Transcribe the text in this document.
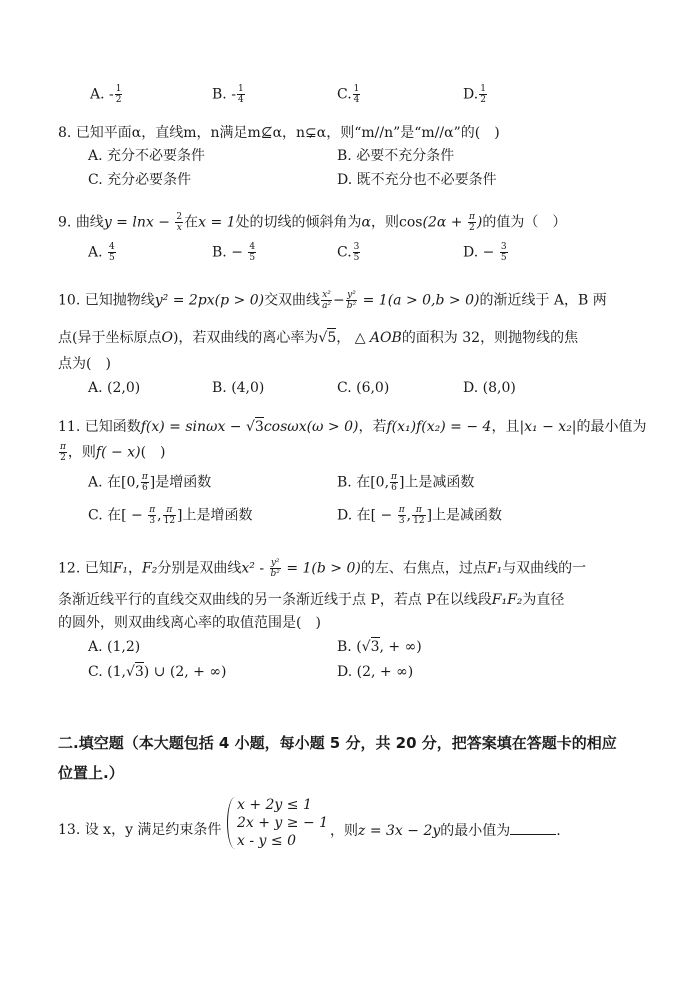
A. - $\frac{1}{2}$	B. - $\frac{1}{4}$	C. $\frac{1}{4}$	D. $\frac{1}{2}$
8. 已知平面α，直线m，n满足m⊈α，n⊊α，则“m//n”是“m//α”的(　)
A. 充分不必要条件	B. 必要不充分条件
C. 充分必要条件	D. 既不充分也不必要条件
9. 曲线$y = \ln x - \frac{2}{x}$ 在x = 1处的切线的倾斜角为α，则$\cos(2\alpha + \frac{\pi}{2}$ )的值为（　）
A. $\frac{4}{5}$	B. − $\frac{4}{5}$	C. $\frac{3}{5}$	D. − $\frac{3}{5}$
10. 已知抛物线y² = 2px(p > 0)交双曲线 $\frac{\text{x²}}{\text{a²}} - \frac{\text{y²}}{\text{b²}} = 1(a > 0,b > 0)$的渐近线于 A，B 两
点(异于坐标原点O)，若双曲线的离心率为√5， △ AOB的面积为 32，则抛物线的焦
点为(　)
A. (2,0)	B. (4,0)	C. (6,0)	D. (8,0)
11. 已知函数f(x) = sinωx − √3cosωx(ω > 0)，若f(x₁)f(x₂) = − 4，且|x₁ − x₂|的最小值为
$\frac{\pi}{2}$ ，则f( − x)(　)
A. 在[0, $\frac{\pi}{6}$ ]是增函数	B. 在[0, $\frac{\pi}{6}$ ]上是减函数
C. 在[ − $\frac{\pi}{3}$ , $\frac{\pi}{12}$ ]上是增函数	D. 在[ − $\frac{\pi}{3}$ , $\frac{\pi}{12}$ ]上是减函数
12. 已知F₁，F₂分别是双曲线$x^2 - \frac{\text{y²}}{\text{b²}} = 1(b > 0)$的左、右焦点，过点F₁与双曲线的一
条渐近线平行的直线交双曲线的另一条渐近线于点 P，若点 P在以线段F₁F₂为直径
的圆外，则双曲线离心率的取值范围是(　)
A. (1,2)	B. (√3, + ∞)
C. (1,√3) ∪ (2, + ∞)	D. (2, + ∞)
二.填空题（本大题包括 4 小题，每小题 5 分，共 20 分，把答案填在答题卡的相应
位置上.）
13. 设 x，y 满足约束条件
x + 2y ≤ 1
2x + y ≥ − 1
x - y ≤ 0
，则z = 3x − 2y的最小值为	.
